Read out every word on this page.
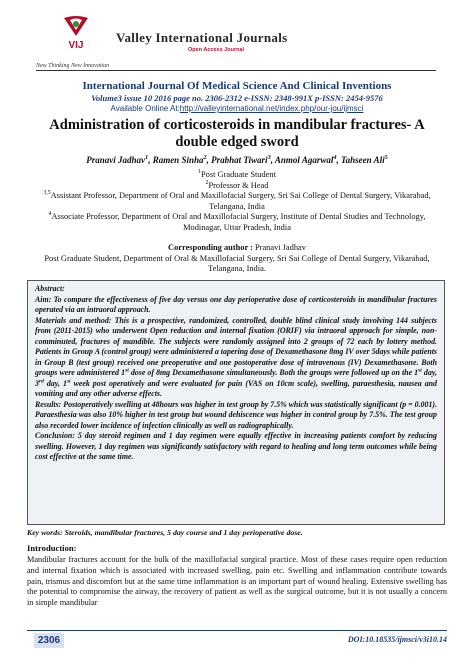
VIJ
Valley International Journals
Open Access Journal
New Thinking New Innovation
International Journal Of Medical Science And Clinical Inventions
Volume3 issue 10 2016 page no. 2306-2312 e-ISSN: 2348-991X p-ISSN: 2454-9576
Available Online At:http://valleyinternational.net/index.php/our-jou/ijmsci
Administration of corticosteroids in mandibular fractures- A
double edged sword
Pranavi Jadhav$^1$, Ramen Sinha$^2$, Prabhat Tiwari$^3$, Anmol Agarwal$^4$, Tahseen Ali$^5$
$^1$Post Graduate Student
$^2$Professor & Head
$^{3,5}$Assistant Professor, Department of Oral and Maxillofacial Surgery, Sri Sai College of Dental Surgery, Vikarabad, Telangana, India
$^4$Associate Professor, Department of Oral and Maxillofacial Surgery, Institute of Dental Studies and Technology, Modinagar, Uttar Pradesh, India
Corresponding author : Pranavi Jadhav
Post Graduate Student, Department of Oral & Maxillofacial Surgery, Sri Sai College of Dental Surgery, Vikarabad, Telangana, India.

Abstract:

Aim: To compare the effectiveness of five day versus one day perioperative dose of corticosteroids in mandibular fractures operated via an intraoral approach.

Materials and method: This is a prospective, randomized, controlled, double blind clinical study involving 144 subjects from (2011-2015) who underwent Open reduction and internal fixation (ORIF) via intraoral approach for simple, non-comminuted, fractures of mandible. The subjects were randomly assigned into 2 groups of 72 each by lottery method. Patients in Group A (control group) were administered a tapering dose of Dexamethasone 8mg IV over 5days while patients in Group B (test group) received one preoperative and one postoperative dose of intravenous (IV) Dexamethasone. Both groups were administered 1st dose of 8mg Dexamethasone simultaneously. Both the groups were followed up on the 1st day, 3rd day, 1st week post operatively and were evaluated for pain (VAS on 10cm scale), swelling, paraesthesia, nausea and vomiting and any other adverse effects.

Results: Postoperatively swelling at 48hours was higher in test group by 7.5% which was statistically significant (p = 0.001). Paraesthesia was also 10% higher in test group but wound dehiscence was higher in control group by 7.5%. The test group also recorded lower incidence of infection clinically as well as radiographically.

Conclusion: 5 day steroid regimen and 1 day regimen were equally effective in increasing patients comfort by reducing swelling. However, 1 day regimen was significantly satisfactory with regard to healing and long term outcomes while being cost effective at the same time.

Key words: Steroids, mandibular fractures, 5 day course and 1 day perioperative dose.
Introduction:
Mandibular fractures account for the bulk of the maxillofacial surgical practice. Most of these cases require open reduction and internal fixation which is associated with increased swelling, pain etc. Swelling and inflammation contribute towards pain, trismus and discomfort but at the same time inflammation is an important part of wound healing. Extensive swelling has the potential to compromise the airway, the recovery of patient as well as the surgical outcome, but it is not usually a concern in simple mandibular
2306	DOI:10.18535/ijmsci/v3i10.14
